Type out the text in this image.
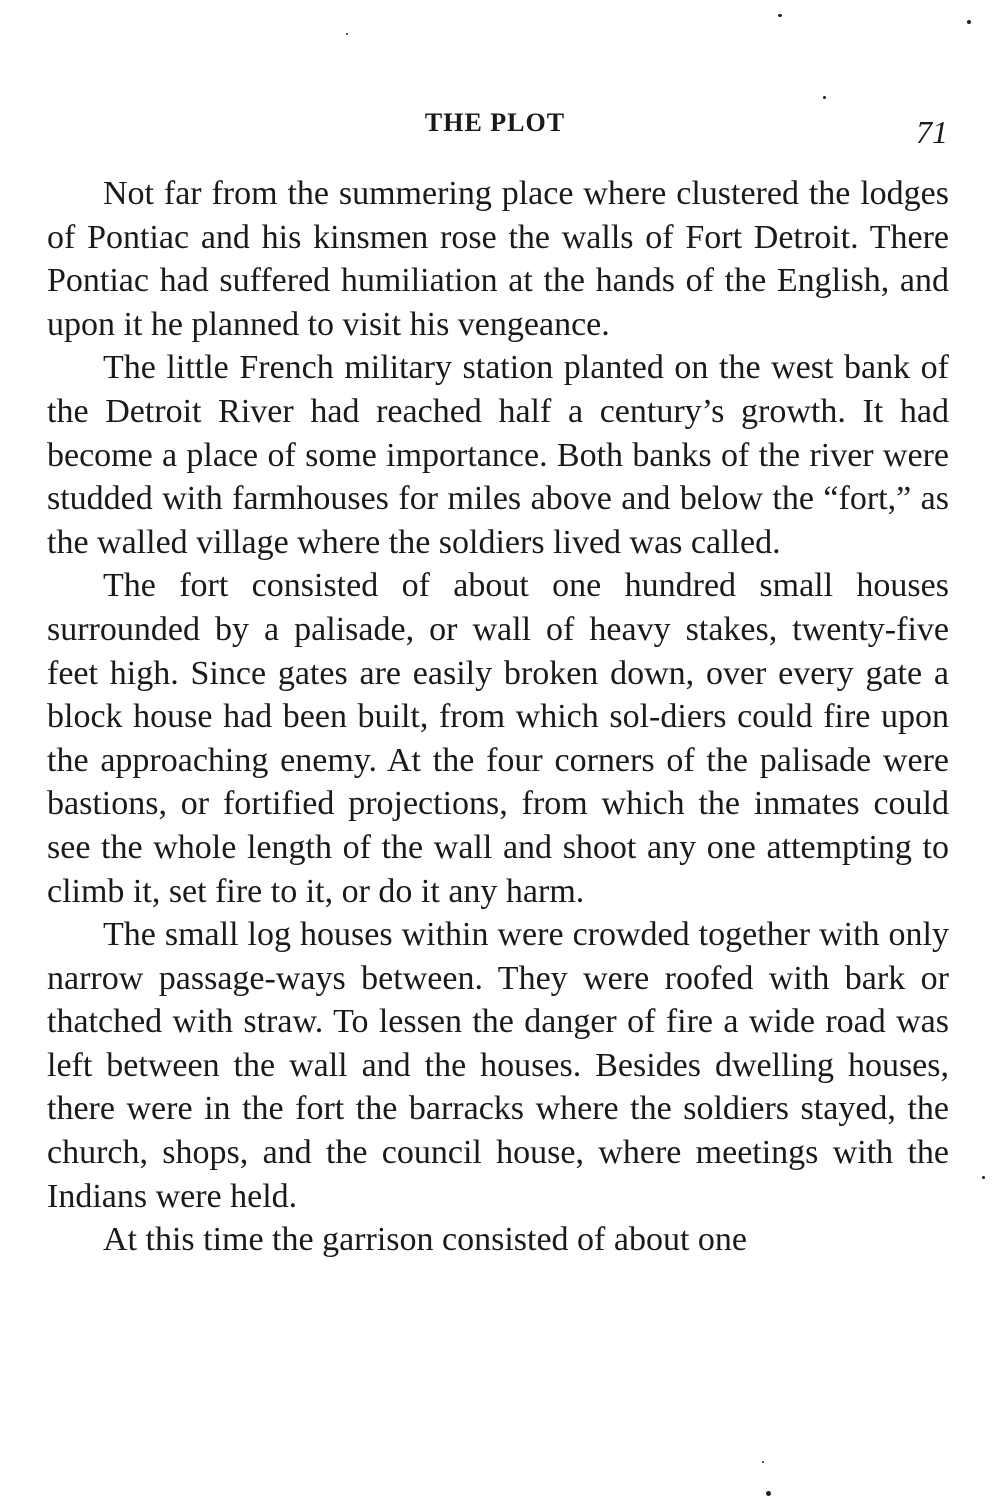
THE PLOT	71

Not far from the summering place where clustered the lodges of Pontiac and his kinsmen rose the walls of Fort Detroit. There Pontiac had suffered humiliation at the hands of the English, and upon it he planned to visit his vengeance.

The little French military station planted on the west bank of the Detroit River had reached half a century’s growth. It had become a place of some importance. Both banks of the river were studded with farmhouses for miles above and below the “fort,” as the walled village where the soldiers lived was called.

The fort consisted of about one hundred small houses surrounded by a palisade, or wall of heavy stakes, twenty-five feet high. Since gates are easily broken down, over every gate a block house had been built, from which sol-diers could fire upon the approaching enemy. At the four corners of the palisade were bastions, or fortified projections, from which the inmates could see the whole length of the wall and shoot any one attempting to climb it, set fire to it, or do it any harm.

The small log houses within were crowded together with only narrow passage-ways between. They were roofed with bark or thatched with straw. To lessen the danger of fire a wide road was left between the wall and the houses. Besides dwelling houses, there were in the fort the barracks where the soldiers stayed, the church, shops, and the council house, where meetings with the Indians were held.

At this time the garrison consisted of about one
